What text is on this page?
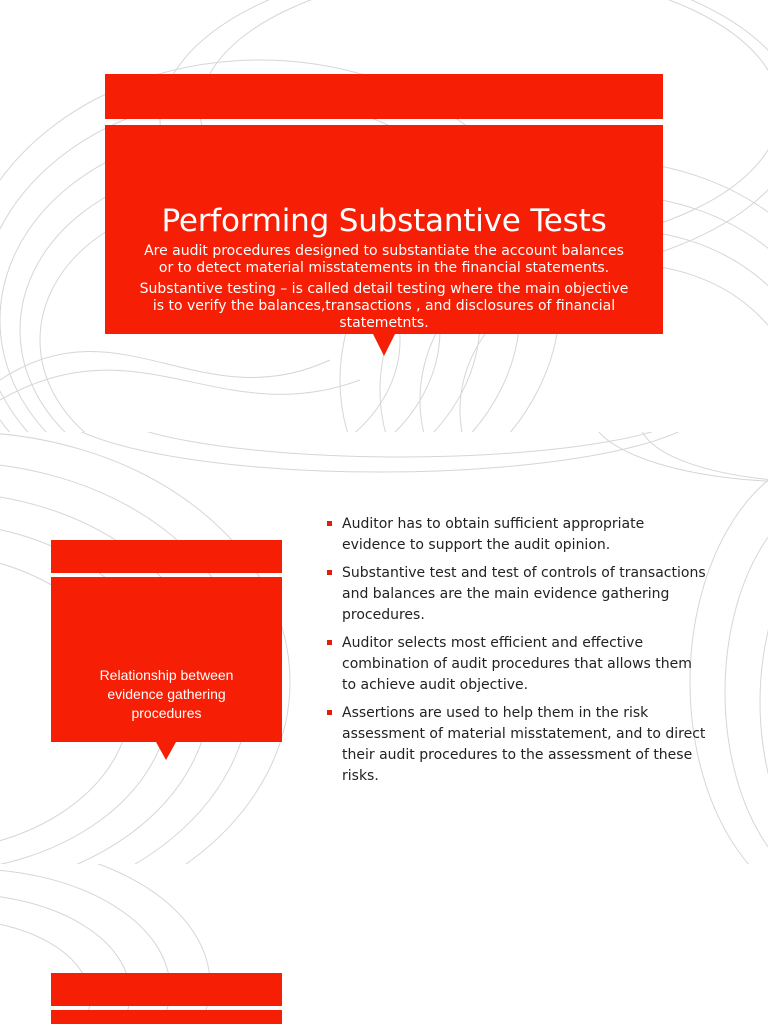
Performing Substantive Tests
Are audit procedures designed to substantiate the account balances or to detect material misstatements in the financial statements.
Substantive testing – is called detail testing where the main objective is to verify the balances,transactions , and disclosures of financial statemetnts.
Relationship between evidence gathering procedures
Auditor has to obtain sufficient appropriate evidence to support the audit opinion.
Substantive test and test of controls of transactions and balances are the main evidence gathering procedures.
Auditor selects most efficient and effective combination of audit procedures that allows them to achieve audit objective.
Assertions are used to help them in the risk assessment of material misstatement, and to direct their audit procedures to the assessment of these risks.
